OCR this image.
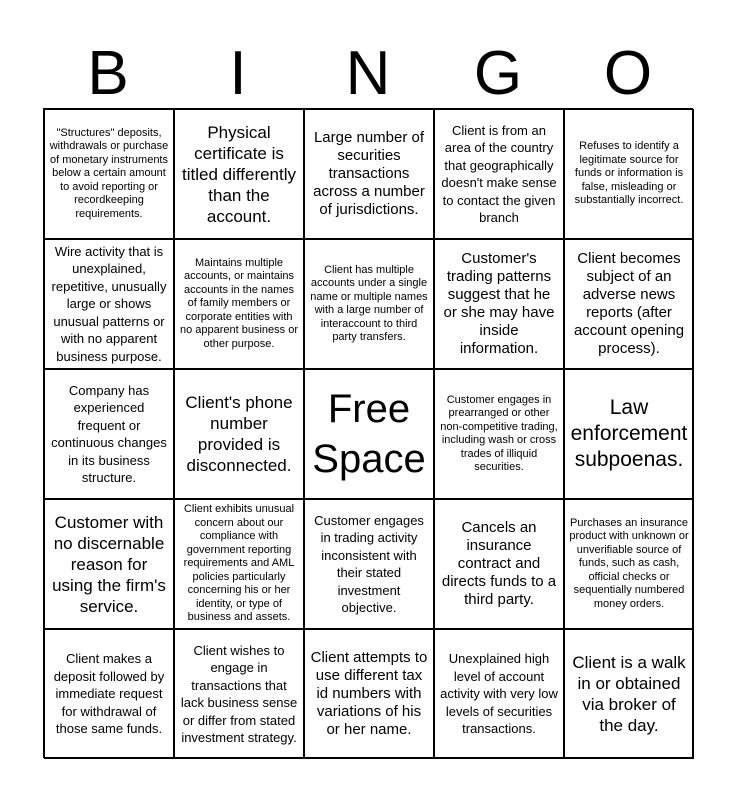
B	I	N	G	O
"Structures" deposits, withdrawals or purchase of monetary instruments below a certain amount to avoid reporting or recordkeeping requirements.
Physical certificate is titled differently than the account.
Large number of securities transactions across a number of jurisdictions.
Client is from an area of the country that geographically doesn't make sense to contact the given branch
Refuses to identify a legitimate source for funds or information is false, misleading or substantially incorrect.
Wire activity that is unexplained, repetitive, unusually large or shows unusual patterns or with no apparent business purpose.
Maintains multiple accounts, or maintains accounts in the names of family members or corporate entities with no apparent business or other purpose.
Client has multiple accounts under a single name or multiple names with a large number of interaccount to third party transfers.
Customer's trading patterns suggest that he or she may have inside information.
Client becomes subject of an adverse news reports (after account opening process).
Company has experienced frequent or continuous changes in its business structure.
Client's phone number provided is disconnected.
Free Space
Customer engages in prearranged or other non-competitive trading, including wash or cross trades of illiquid securities.
Law enforcement subpoenas.
Customer with no discernable reason for using the firm's service.
Client exhibits unusual concern about our compliance with government reporting requirements and AML policies particularly concerning his or her identity, or type of business and assets.
Customer engages in trading activity inconsistent with their stated investment objective.
Cancels an insurance contract and directs funds to a third party.
Purchases an insurance product with unknown or unverifiable source of funds, such as cash, official checks or sequentially numbered money orders.
Client makes a deposit followed by immediate request for withdrawal of those same funds.
Client wishes to engage in transactions that lack business sense or differ from stated investment strategy.
Client attempts to use different tax id numbers with variations of his or her name.
Unexplained high level of account activity with very low levels of securities transactions.
Client is a walk in or obtained via broker of the day.
